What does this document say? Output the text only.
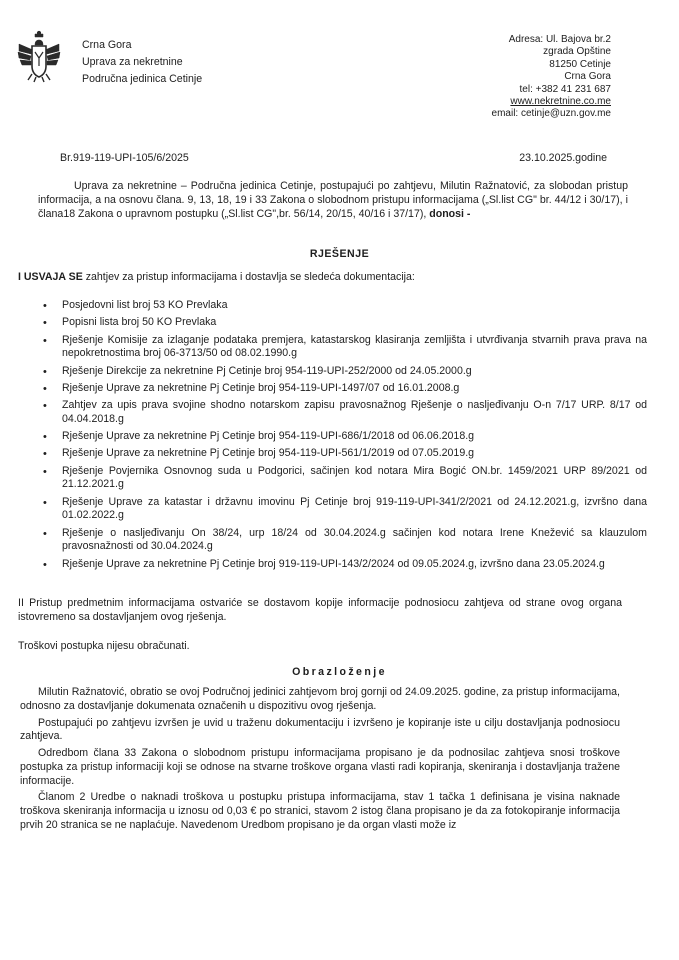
Crna Gora
Uprava za nekretnine
Područna jedinica Cetinje
Adresa: Ul. Bajova br.2
zgrada Opštine
81250 Cetinje
Crna Gora
tel: +382 41 231 687
www.nekretnine.co.me
email: cetinje@uzn.gov.me
Br.919-119-UPI-105/6/2025	23.10.2025.godine
Uprava za nekretnine – Područna jedinica Cetinje, postupajući po zahtjevu, Milutin Ražnatović, za slobodan pristup informacija, a na osnovu člana. 9, 13, 18, 19 i 33 Zakona o slobodnom pristupu informacijama („Sl.list CG" br. 44/12 i 30/17), i člana18 Zakona o upravnom postupku („Sl.list CG",br. 56/14, 20/15, 40/16 i 37/17), donosi -
RJEŠENJE
I USVAJA SE zahtjev za pristup informacijama i dostavlja se sledeća dokumentacija:
• Posjedovni list broj 53 KO Prevlaka
• Popisni lista broj 50 KO Prevlaka
• Rješenje Komisije za izlaganje podataka premjera, katastarskog klasiranja zemljišta i utvrđivanja stvarnih prava prava na nepokretnostima broj 06-3713/50 od 08.02.1990.g
• Rješenje Direkcije za nekretnine Pj Cetinje broj 954-119-UPI-252/2000 od 24.05.2000.g
• Rješenje Uprave za nekretnine Pj Cetinje broj 954-119-UPI-1497/07 od 16.01.2008.g
• Zahtjev za upis prava svojine shodno notarskom zapisu pravosnažnog Rješenje o nasljeđivanju O-n 7/17 URP. 8/17 od 04.04.2018.g
• Rješenje Uprave za nekretnine Pj Cetinje broj 954-119-UPI-686/1/2018 od 06.06.2018.g
• Rješenje Uprave za nekretnine Pj Cetinje broj 954-119-UPI-561/1/2019 od 07.05.2019.g
• Rješenje Povjernika Osnovnog suda u Podgorici, sačinjen kod notara Mira Bogić ON.br. 1459/2021 URP 89/2021 od 21.12.2021.g
• Rješenje Uprave za katastar i državnu imovinu Pj Cetinje broj 919-119-UPI-341/2/2021 od 24.12.2021.g, izvršno dana 01.02.2022.g
• Rješenje o nasljeđivanju On 38/24, urp 18/24 od 30.04.2024.g sačinjen kod notara Irene Knežević sa klauzulom pravosnažnosti od 30.04.2024.g
• Rješenje Uprave za nekretnine Pj Cetinje broj 919-119-UPI-143/2/2024 od 09.05.2024.g, izvršno dana 23.05.2024.g
II Pristup predmetnim informacijama ostvariće se dostavom kopije informacije podnosiocu zahtjeva od strane ovog organa istovremeno sa dostavljanjem ovog rješenja.
Troškovi postupka nijesu obračunati.
Obrazloženje

Milutin Ražnatović, obratio se ovoj Područnoj jedinici zahtjevom broj gornji od 24.09.2025. godine, za pristup informacijama, odnosno za dostavljanje dokumenata označenih u dispozitivu ovog rješenja.

Postupajući po zahtjevu izvršen je uvid u traženu dokumentaciju i izvršeno je kopiranje iste u cilju dostavljanja podnosiocu zahtjeva.

Odredbom člana 33 Zakona o slobodnom pristupu informacijama propisano je da podnosilac zahtjeva snosi troškove postupka za pristup informaciji koji se odnose na stvarne troškove organa vlasti radi kopiranja, skeniranja i dostavljanja tražene informacije.

Članom 2 Uredbe o naknadi troškova u postupku pristupa informacijama, stav 1 tačka 1 definisana je visina naknade troškova skeniranja informacija u iznosu od 0,03 € po stranici, stavom 2 istog člana propisano je da za fotokopiranje informacija prvih 20 stranica se ne naplaćuje. Navedenom Uredbom propisano je da organ vlasti može iz
